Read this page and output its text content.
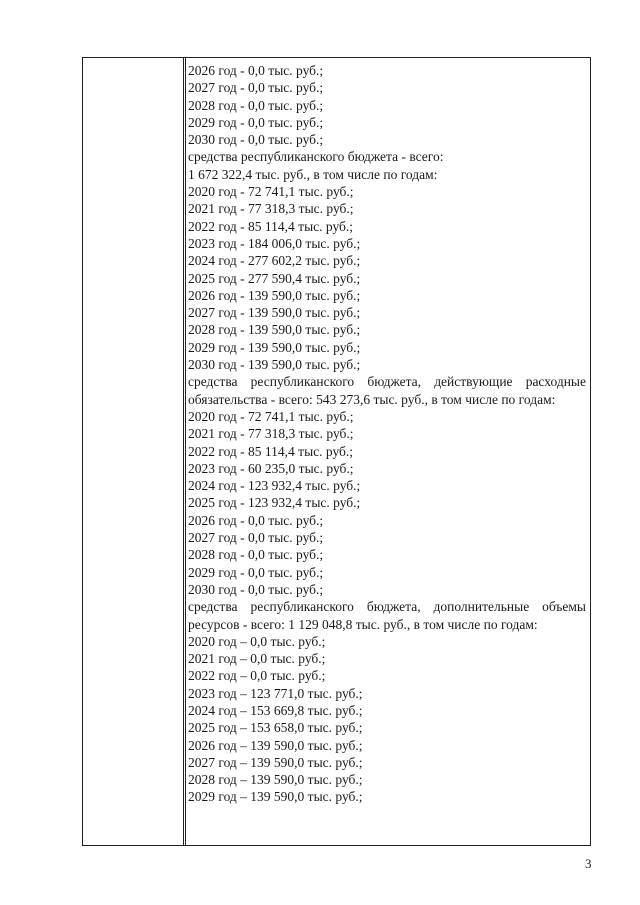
2026 год - 0,0 тыс. руб.;
2027 год - 0,0 тыс. руб.;
2028 год - 0,0 тыс. руб.;
2029 год - 0,0 тыс. руб.;
2030 год - 0,0 тыс. руб.;
средства республиканского бюджета - всего:
1 672 322,4 тыс. руб., в том числе по годам:
2020 год - 72 741,1 тыс. руб.;
2021 год - 77 318,3 тыс. руб.;
2022 год - 85 114,4 тыс. руб.;
2023 год - 184 006,0 тыс. руб.;
2024 год - 277 602,2 тыс. руб.;
2025 год - 277 590,4 тыс. руб.;
2026 год - 139 590,0 тыс. руб.;
2027 год - 139 590,0 тыс. руб.;
2028 год - 139 590,0 тыс. руб.;
2029 год - 139 590,0 тыс. руб.;
2030 год - 139 590,0 тыс. руб.;
средства республиканского бюджета, действующие расходные обязательства - всего: 543 273,6 тыс. руб., в том числе по годам:
2020 год - 72 741,1 тыс. руб.;
2021 год - 77 318,3 тыс. руб.;
2022 год - 85 114,4 тыс. руб.;
2023 год - 60 235,0 тыс. руб.;
2024 год - 123 932,4 тыс. руб.;
2025 год - 123 932,4 тыс. руб.;
2026 год - 0,0 тыс. руб.;
2027 год - 0,0 тыс. руб.;
2028 год - 0,0 тыс. руб.;
2029 год - 0,0 тыс. руб.;
2030 год - 0,0 тыс. руб.;
средства республиканского бюджета, дополнительные объемы ресурсов - всего: 1 129 048,8 тыс. руб., в том числе по годам:
2020 год – 0,0 тыс. руб.;
2021 год – 0,0 тыс. руб.;
2022 год – 0,0 тыс. руб.;
2023 год – 123 771,0 тыс. руб.;
2024 год – 153 669,8 тыс. руб.;
2025 год – 153 658,0 тыс. руб.;
2026 год – 139 590,0 тыс. руб.;
2027 год – 139 590,0 тыс. руб.;
2028 год – 139 590,0 тыс. руб.;
2029 год – 139 590,0 тыс. руб.;
3
